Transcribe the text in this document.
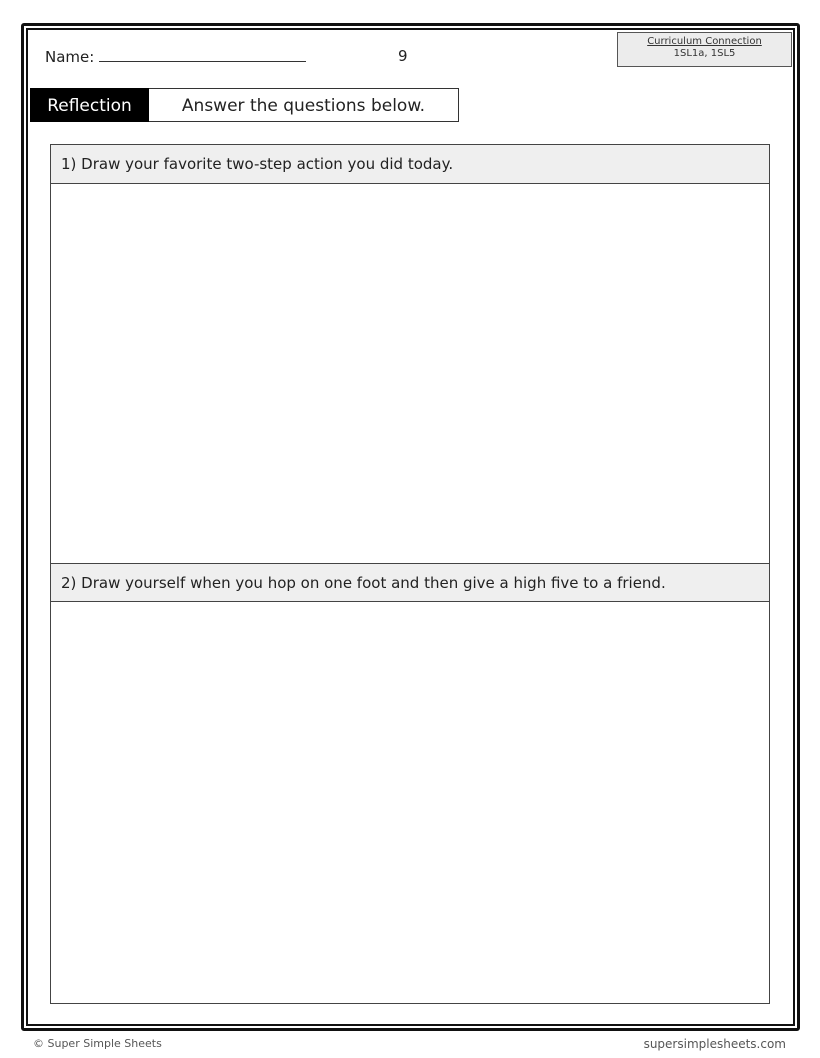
Name:	9
Curriculum Connection
1SL1a, 1SL5
Reflection	Answer the questions below.
1) Draw your favorite two-step action you did today.
2) Draw yourself when you hop on one foot and then give a high five to a friend.
© Super Simple Sheets	supersimplesheets.com
